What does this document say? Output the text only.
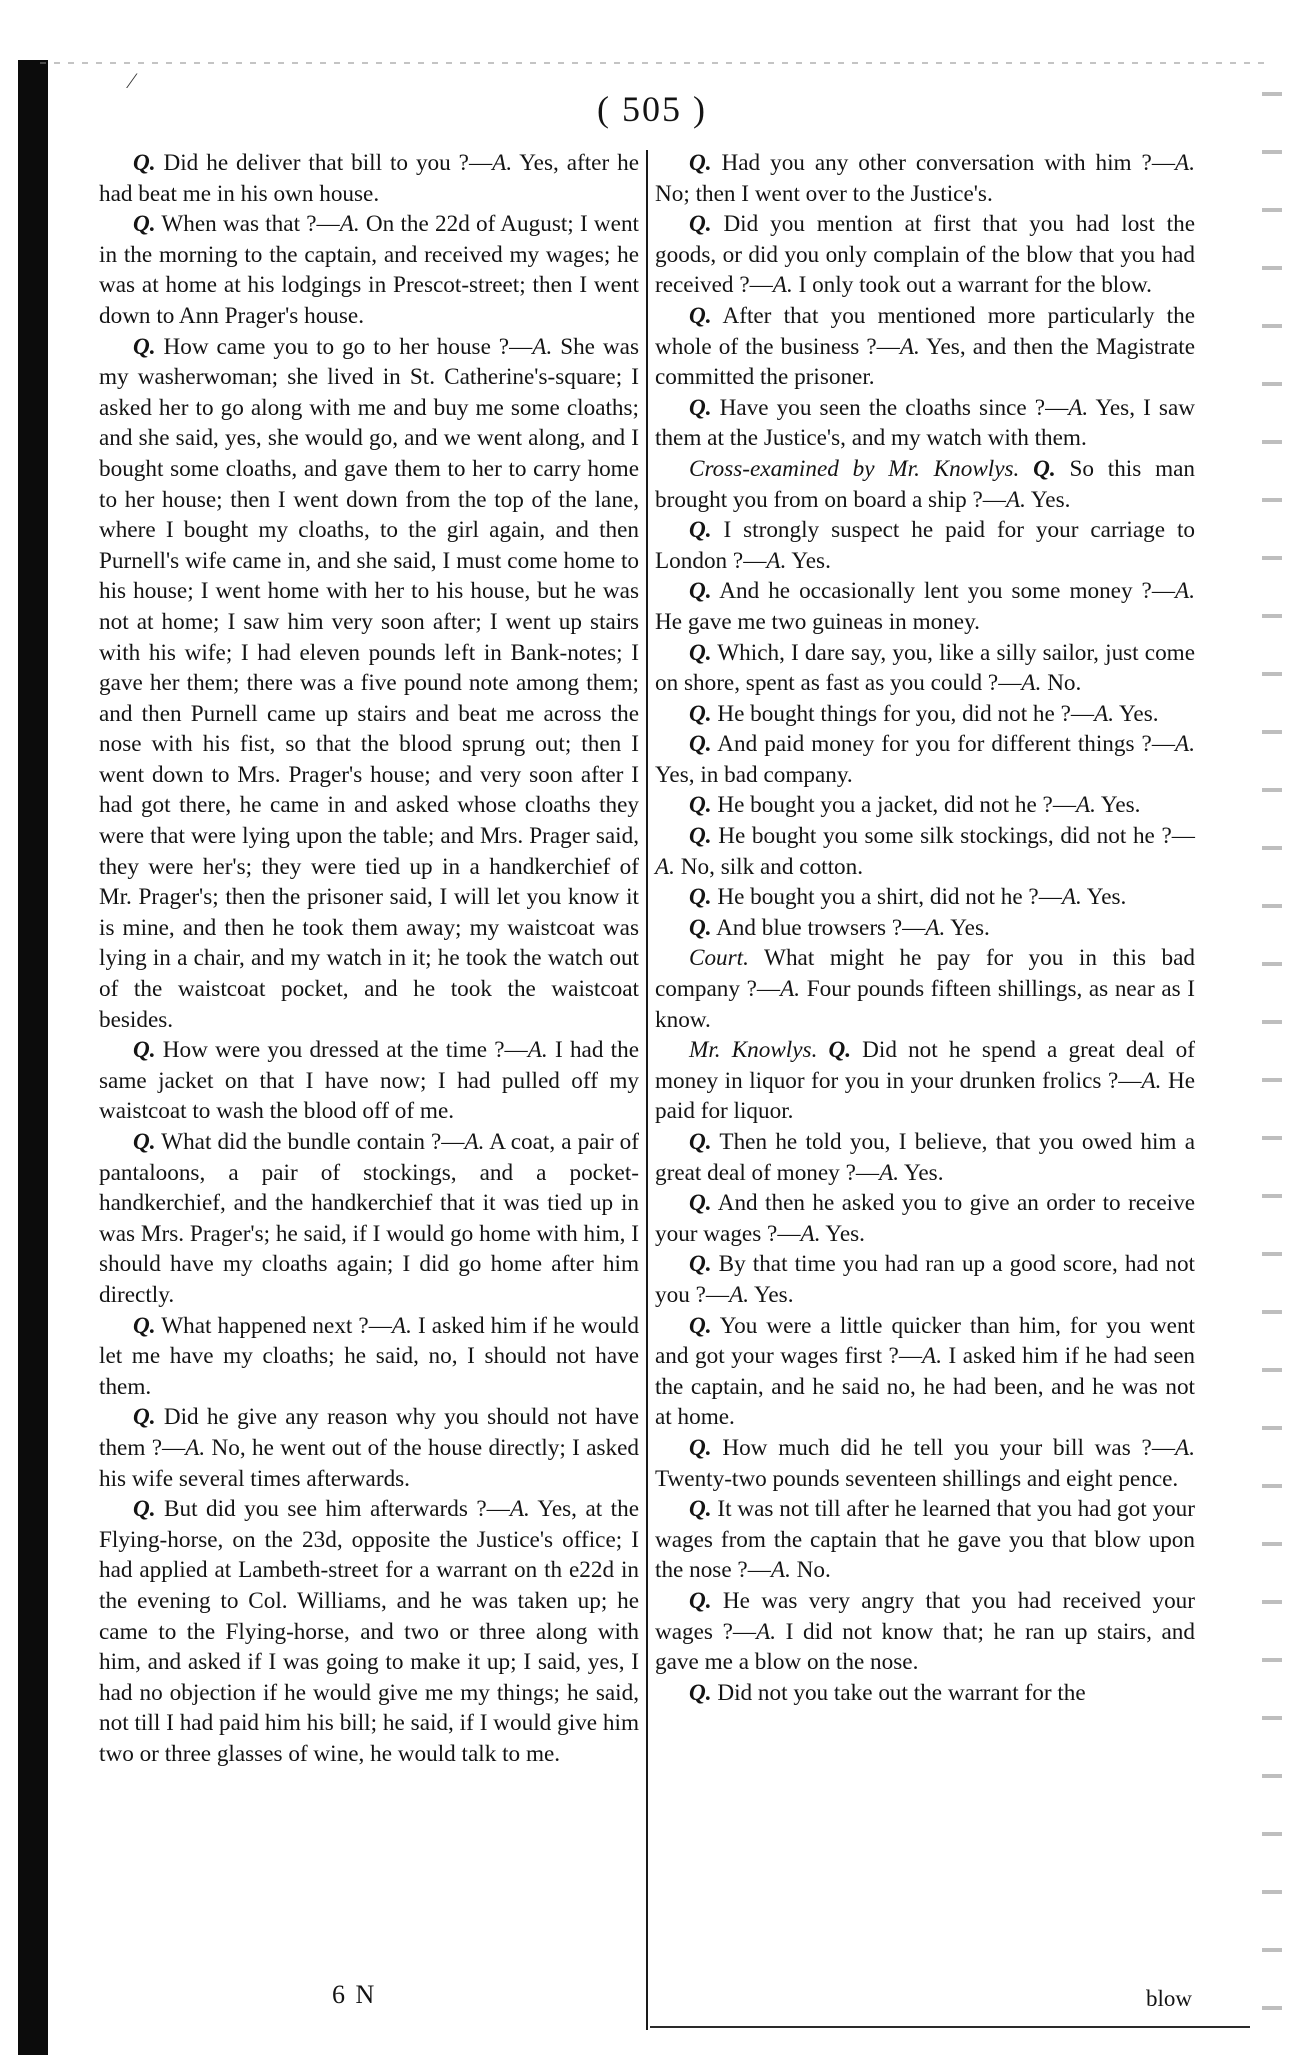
⁄
( 505 )

Q. Did he deliver that bill to you ?—A. Yes, after he had beat me in his own house.

Q. When was that ?—A. On the 22d of August; I went in the morning to the captain, and received my wages; he was at home at his lodgings in Prescot-street; then I went down to Ann Prager's house.

Q. How came you to go to her house ?—A. She was my washerwoman; she lived in St. Catherine's-square; I asked her to go along with me and buy me some cloaths; and she said, yes, she would go, and we went along, and I bought some cloaths, and gave them to her to carry home to her house; then I went down from the top of the lane, where I bought my cloaths, to the girl again, and then Purnell's wife came in, and she said, I must come home to his house; I went home with her to his house, but he was not at home; I saw him very soon after; I went up stairs with his wife; I had eleven pounds left in Bank-notes; I gave her them; there was a five pound note among them; and then Purnell came up stairs and beat me across the nose with his fist, so that the blood sprung out; then I went down to Mrs. Prager's house; and very soon after I had got there, he came in and asked whose cloaths they were that were lying upon the table; and Mrs. Prager said, they were her's; they were tied up in a handkerchief of Mr. Prager's; then the prisoner said, I will let you know it is mine, and then he took them away; my waistcoat was lying in a chair, and my watch in it; he took the watch out of the waistcoat pocket, and he took the waistcoat besides.

Q. How were you dressed at the time ?—A. I had the same jacket on that I have now; I had pulled off my waistcoat to wash the blood off of me.

Q. What did the bundle contain ?—A. A coat, a pair of pantaloons, a pair of stockings, and a pocket-handkerchief, and the handkerchief that it was tied up in was Mrs. Prager's; he said, if I would go home with him, I should have my cloaths again; I did go home after him directly.

Q. What happened next ?—A. I asked him if he would let me have my cloaths; he said, no, I should not have them.

Q. Did he give any reason why you should not have them ?—A. No, he went out of the house directly; I asked his wife several times afterwards.

Q. But did you see him afterwards ?—A. Yes, at the Flying-horse, on the 23d, opposite the Justice's office; I had applied at Lambeth-street for a warrant on th e22d in the evening to Col. Williams, and he was taken up; he came to the Flying-horse, and two or three along with him, and asked if I was going to make it up; I said, yes, I had no objection if he would give me my things; he said, not till I had paid him his bill; he said, if I would give him two or three glasses of wine, he would talk to me.

Q. Had you any other conversation with him ?—A. No; then I went over to the Justice's.

Q. Did you mention at first that you had lost the goods, or did you only complain of the blow that you had received ?—A. I only took out a warrant for the blow.

Q. After that you mentioned more particularly the whole of the business ?—A. Yes, and then the Magistrate committed the prisoner.

Q. Have you seen the cloaths since ?—A. Yes, I saw them at the Justice's, and my watch with them.

Cross-examined by Mr. Knowlys. Q. So this man brought you from on board a ship ?—A. Yes.

Q. I strongly suspect he paid for your carriage to London ?—A. Yes.

Q. And he occasionally lent you some money ?—A. He gave me two guineas in money.

Q. Which, I dare say, you, like a silly sailor, just come on shore, spent as fast as you could ?—A. No.

Q. He bought things for you, did not he ?—A. Yes.

Q. And paid money for you for different things ?—A. Yes, in bad company.

Q. He bought you a jacket, did not he ?—A. Yes.

Q. He bought you some silk stockings, did not he ?—A. No, silk and cotton.

Q. He bought you a shirt, did not he ?—A. Yes.

Q. And blue trowsers ?—A. Yes.

Court. What might he pay for you in this bad company ?—A. Four pounds fifteen shillings, as near as I know.

Mr. Knowlys. Q. Did not he spend a great deal of money in liquor for you in your drunken frolics ?—A. He paid for liquor.

Q. Then he told you, I believe, that you owed him a great deal of money ?—A. Yes.

Q. And then he asked you to give an order to receive your wages ?—A. Yes.

Q. By that time you had ran up a good score, had not you ?—A. Yes.

Q. You were a little quicker than him, for you went and got your wages first ?—A. I asked him if he had seen the captain, and he said no, he had been, and he was not at home.

Q. How much did he tell you your bill was ?—A. Twenty-two pounds seventeen shillings and eight pence.

Q. It was not till after he learned that you had got your wages from the captain that he gave you that blow upon the nose ?—A. No.

Q. He was very angry that you had received your wages ?—A. I did not know that; he ran up stairs, and gave me a blow on the nose.

Q. Did not you take out the warrant for the

6 N	blow
